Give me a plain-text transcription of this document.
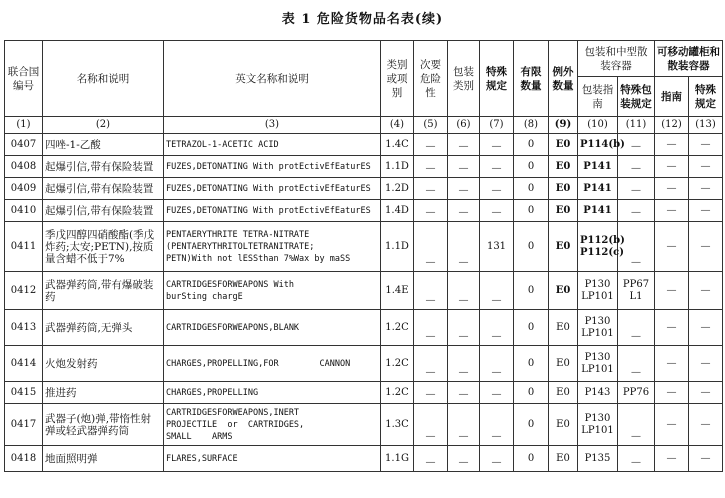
表 1 危险货物品名表(续)
联合国编号	名称和说明	英文名称和说明	类别或项别	次要危险性	包装类别	特殊规定	有限数量	例外数量	包装和中型散装容器		可移动罐柜和散装容器	
									包装指南	特殊包装规定	指南	特殊规定
(1)	(2)	(3)	(4)	(5)	(6)	(7)	(8)	(9)	(10)	(11)	(12)	(13)
0407	四唑-1-乙酸	TETRAZOL-1-ACETIC ACID	1.4C	—	—	—	0	E0	P114(b)	—	—	—
0408	起爆引信,带有保险装置	FUZES,DETONATING With protEctivEfEaturES	1.1D	—	—	—	0	E0	P141	—	—	—
0409	起爆引信,带有保险装置	FUZES,DETONATING With protEctivEfEaturES	1.2D	—	—	—	0	E0	P141	—	—	—
0410	起爆引信,带有保险装置	FUZES,DETONATING With protEctivEfEaturES	1.4D	—	—	—	0	E0	P141	—	—	—
0411	季戊四醇四硝酸酯(季戊炸药;太安;PETN),按质量含蜡不低于7%	PENTAERYTHRITE TETRA-NITRATE
(PENTAERYTHRITOLTETRANITRATE;
PETN)With not lESSthan 7%Wax by maSS	1.1D	—	—	131	0	E0	P112(b)
P112(c)	—	—	—
0412	武器弹药筒,带有爆破装药	CARTRIDGESFORWEAPONS With
burSting chargE	1.4E	—	—	—	0	E0	P130
LP101	PP67
L1	—	—
0413	武器弹药筒,无弹头	CARTRIDGESFORWEAPONS,BLANK	1.2C	—	—	—	0	E0	P130
LP101	—	—	—
0414	火炮发射药	CHARGES,PROPELLING,FOR        CANNON	1.2C	—	—	—	0	E0	P130
LP101	—	—	—
0415	推进药	CHARGES,PROPELLING	1.2C	—	—	—	0	E0	P143	PP76	—	—
0417	武器子(炮)弹,带惰性射弹或轻武器弹药筒	CARTRIDGESFORWEAPONS,INERT
PROJECTILE  or  CARTRIDGES,
SMALL    ARMS	1.3C	—	—	—	0	E0	P130
LP101	—	—	—
0418	地面照明弹	FLARES,SURFACE	1.1G	—	—	—	0	E0	P135	—	—	—
